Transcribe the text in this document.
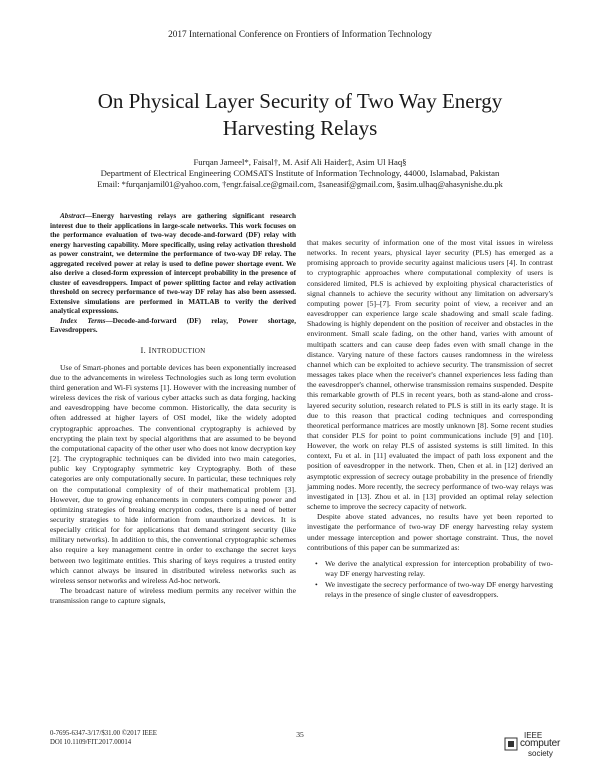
2017 International Conference on Frontiers of Information Technology
On Physical Layer Security of Two Way Energy
Harvesting Relays
Furqan Jameel*, Faisal†, M. Asif Ali Haider‡, Asim Ul Haq§
Department of Electrical Engineering COMSATS Institute of Information Technology, 44000, Islamabad, Pakistan
Email: *furqanjamil01@yahoo.com, †engr.faisal.ce@gmail.com, ‡saneasif@gmail.com, §asim.ulhaq@ahasynishe.du.pk

Abstract—Energy harvesting relays are gathering significant research interest due to their applications in large-scale networks. This work focuses on the performance evaluation of two-way decode-and-forward (DF) relay with energy harvesting capability. More specifically, using relay activation threshold as power constraint, we determine the performance of two-way DF relay. The aggregated received power at relay is used to define power shortage event. We also derive a closed-form expression of intercept probability in the presence of cluster of eavesdroppers. Impact of power splitting factor and relay activation threshold on secrecy performance of two-way DF relay has also been assessed. Extensive simulations are performed in MATLAB to verify the derived analytical expressions.

Index Terms—Decode-and-forward (DF) relay, Power shortage, Eavesdroppers.

I. INTRODUCTION

Use of Smart-phones and portable devices has been exponentially increased due to the advancements in wireless Technologies such as long term evolution third generation and Wi-Fi systems [1]. However with the increasing number of wireless devices the risk of various cyber attacks such as data forging, hacking and eavesdropping have become common. Historically, the data security is often addressed at higher layers of OSI model, like the widely adopted cryptographic approaches. The conventional cryptography is achieved by encrypting the plain text by special algorithms that are assumed to be beyond the computational capacity of the other user who does not know decryption key [2]. The cryptographic techniques can be divided into two main categories, public key Cryptography symmetric key Cryptography. Both of these categories are only computationally secure. In particular, these techniques rely on the computational complexity of of their mathematical problem [3]. However, due to growing enhancements in computers computing power and optimizing strategies of breaking encryption codes, there is a need of better security strategies to hide information from unauthorized devices. It is especially critical for for applications that demand stringent security (like military networks). In addition to this, the conventional cryptographic schemes also require a key management centre in order to exchange the secret keys between two legitimate entities. This sharing of keys requires a trusted entity which cannot always be insured in distributed wireless networks such as wireless sensor networks and wireless Ad-hoc network.

The broadcast nature of wireless medium permits any receiver within the transmission range to capture signals,

that makes security of information one of the most vital issues in wireless networks. In recent years, physical layer security (PLS) has emerged as a promising approach to provide security against malicious users [4]. In contrast to cryptographic approaches where computational complexity of users is considered limited, PLS is achieved by exploiting physical characteristics of signal channels to achieve the security without any limitation on adversary's computing power [5]–[7]. From security point of view, a receiver and an eavesdropper can experience large scale shadowing and small scale fading. Shadowing is highly dependent on the position of receiver and obstacles in the environment. Small scale fading, on the other hand, varies with amount of multipath scatters and can cause deep fades even with small change in the distance. Varying nature of these factors causes randomness in the wireless channel which can be exploited to achieve security. The transmission of secret messages takes place when the receiver's channel experiences less fading than the eavesdropper's channel, otherwise transmission remains suspended. Despite this remarkable growth of PLS in recent years, both as stand-alone and cross-layered security solution, research related to PLS is still in its early stage. It is due to this reason that practical coding techniques and corresponding theoretical performance matrices are mostly unknown [8]. Some recent studies that consider PLS for point to point communications include [9] and [10]. However, the work on relay PLS of assisted systems is still limited. In this context, Fu et al. in [11] evaluated the impact of path loss exponent and the position of eavesdropper in the network. Then, Chen et al. in [12] derived an asymptotic expression of secrecy outage probability in the presence of friendly jamming nodes. More recently, the secrecy performance of two-way relays was investigated in [13]. Zhou et al. in [13] provided an optimal relay selection scheme to improve the secrecy capacity of network.

Despite above stated advances, no results have yet been reported to investigate the performance of two-way DF energy harvesting relay system under message interception and power shortage constraint. Thus, the novel contributions of this paper can be summarized as:

• We derive the analytical expression for interception probability of two-way DF energy harvesting relay.
• We investigate the secrecy performance of two-way DF energy harvesting relays in the presence of single cluster of eavesdroppers.
0-7695-6347-3/17/$31.00 ©2017 IEEE
DOI 10.1109/FIT.2017.00014
35	IEEE
computer
society
